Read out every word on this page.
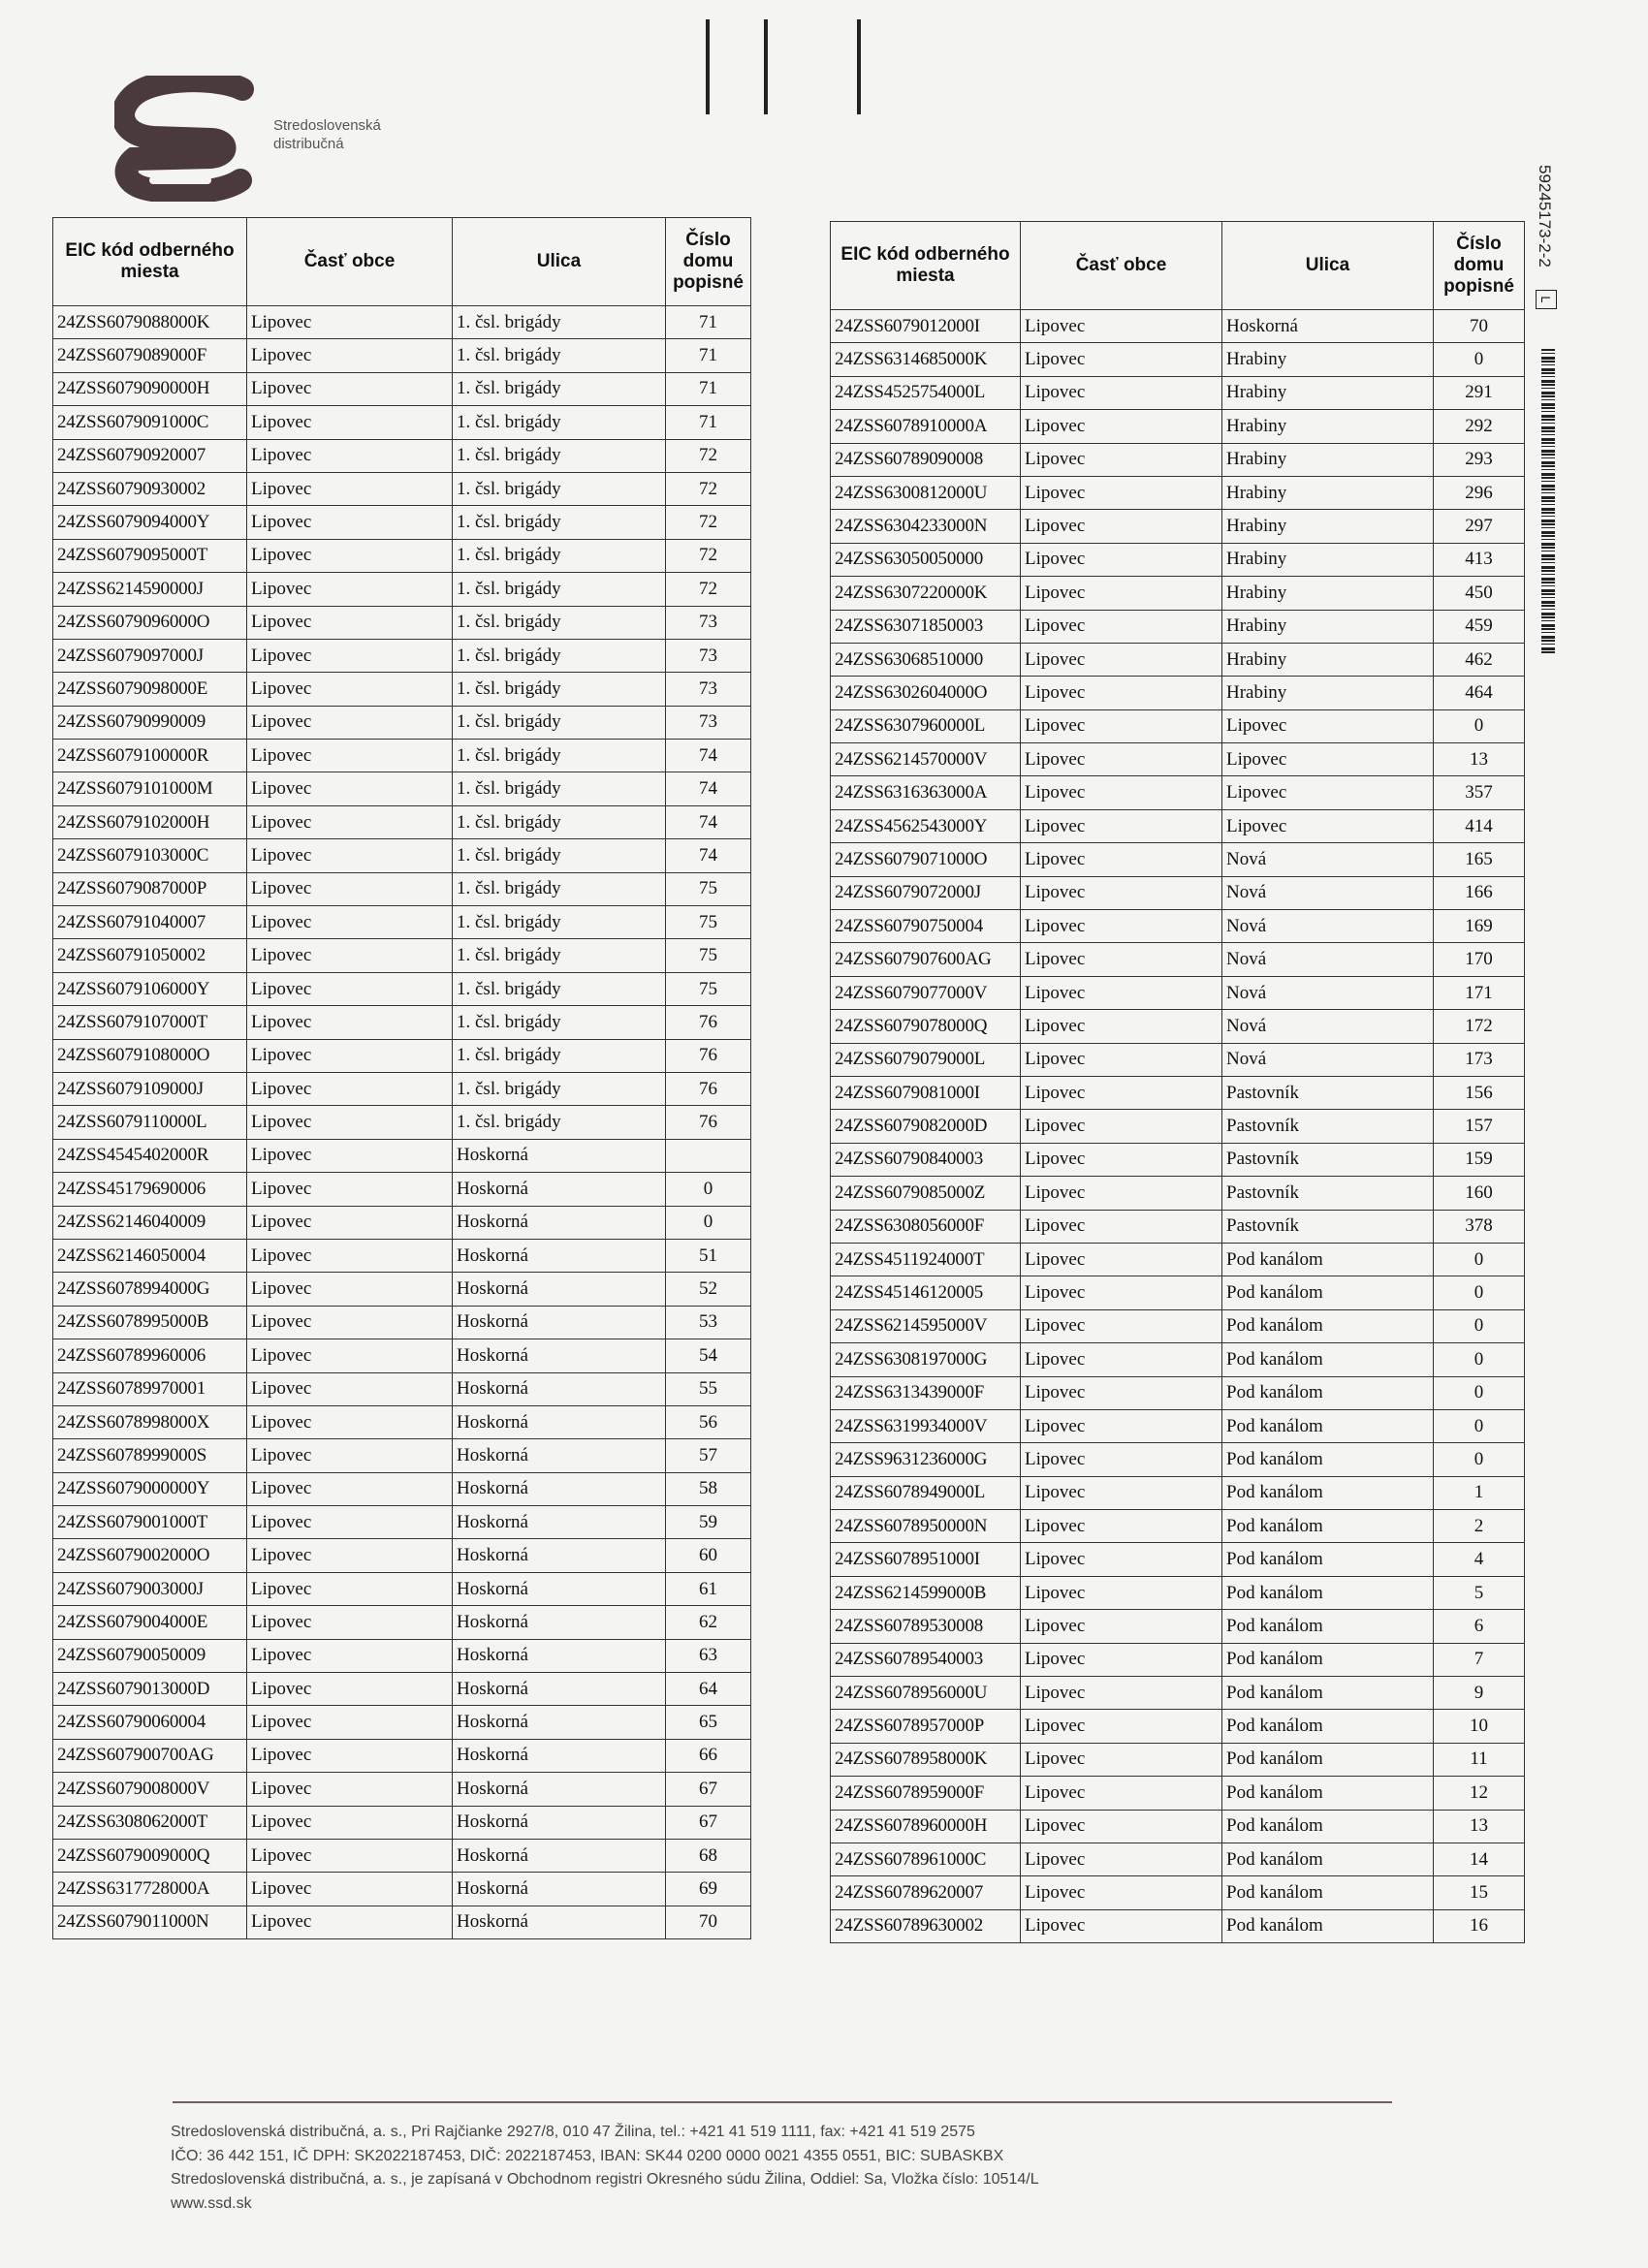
Stredoslovenská
distribučná
59245173-2-2
L
EIC kód odberného miesta	Časť obce	Ulica	Číslo domu popisné
24ZSS6079088000K	Lipovec	1. čsl. brigády	71
24ZSS6079089000F	Lipovec	1. čsl. brigády	71
24ZSS6079090000H	Lipovec	1. čsl. brigády	71
24ZSS6079091000C	Lipovec	1. čsl. brigády	71
24ZSS60790920007	Lipovec	1. čsl. brigády	72
24ZSS60790930002	Lipovec	1. čsl. brigády	72
24ZSS6079094000Y	Lipovec	1. čsl. brigády	72
24ZSS6079095000T	Lipovec	1. čsl. brigády	72
24ZSS6214590000J	Lipovec	1. čsl. brigády	72
24ZSS6079096000O	Lipovec	1. čsl. brigády	73
24ZSS6079097000J	Lipovec	1. čsl. brigády	73
24ZSS6079098000E	Lipovec	1. čsl. brigády	73
24ZSS60790990009	Lipovec	1. čsl. brigády	73
24ZSS6079100000R	Lipovec	1. čsl. brigády	74
24ZSS6079101000M	Lipovec	1. čsl. brigády	74
24ZSS6079102000H	Lipovec	1. čsl. brigády	74
24ZSS6079103000C	Lipovec	1. čsl. brigády	74
24ZSS6079087000P	Lipovec	1. čsl. brigády	75
24ZSS60791040007	Lipovec	1. čsl. brigády	75
24ZSS60791050002	Lipovec	1. čsl. brigády	75
24ZSS6079106000Y	Lipovec	1. čsl. brigády	75
24ZSS6079107000T	Lipovec	1. čsl. brigády	76
24ZSS6079108000O	Lipovec	1. čsl. brigády	76
24ZSS6079109000J	Lipovec	1. čsl. brigády	76
24ZSS6079110000L	Lipovec	1. čsl. brigády	76
24ZSS4545402000R	Lipovec	Hoskorná	
24ZSS45179690006	Lipovec	Hoskorná	0
24ZSS62146040009	Lipovec	Hoskorná	0
24ZSS62146050004	Lipovec	Hoskorná	51
24ZSS6078994000G	Lipovec	Hoskorná	52
24ZSS6078995000B	Lipovec	Hoskorná	53
24ZSS60789960006	Lipovec	Hoskorná	54
24ZSS60789970001	Lipovec	Hoskorná	55
24ZSS6078998000X	Lipovec	Hoskorná	56
24ZSS6078999000S	Lipovec	Hoskorná	57
24ZSS6079000000Y	Lipovec	Hoskorná	58
24ZSS6079001000T	Lipovec	Hoskorná	59
24ZSS6079002000O	Lipovec	Hoskorná	60
24ZSS6079003000J	Lipovec	Hoskorná	61
24ZSS6079004000E	Lipovec	Hoskorná	62
24ZSS60790050009	Lipovec	Hoskorná	63
24ZSS6079013000D	Lipovec	Hoskorná	64
24ZSS60790060004	Lipovec	Hoskorná	65
24ZSS607900700AG	Lipovec	Hoskorná	66
24ZSS6079008000V	Lipovec	Hoskorná	67
24ZSS6308062000T	Lipovec	Hoskorná	67
24ZSS6079009000Q	Lipovec	Hoskorná	68
24ZSS6317728000A	Lipovec	Hoskorná	69
24ZSS6079011000N	Lipovec	Hoskorná	70
EIC kód odberného miesta	Časť obce	Ulica	Číslo domu popisné
24ZSS6079012000I	Lipovec	Hoskorná	70
24ZSS6314685000K	Lipovec	Hrabiny	0
24ZSS4525754000L	Lipovec	Hrabiny	291
24ZSS6078910000A	Lipovec	Hrabiny	292
24ZSS60789090008	Lipovec	Hrabiny	293
24ZSS6300812000U	Lipovec	Hrabiny	296
24ZSS6304233000N	Lipovec	Hrabiny	297
24ZSS63050050000	Lipovec	Hrabiny	413
24ZSS6307220000K	Lipovec	Hrabiny	450
24ZSS63071850003	Lipovec	Hrabiny	459
24ZSS63068510000	Lipovec	Hrabiny	462
24ZSS6302604000O	Lipovec	Hrabiny	464
24ZSS6307960000L	Lipovec	Lipovec	0
24ZSS6214570000V	Lipovec	Lipovec	13
24ZSS6316363000A	Lipovec	Lipovec	357
24ZSS4562543000Y	Lipovec	Lipovec	414
24ZSS6079071000O	Lipovec	Nová	165
24ZSS6079072000J	Lipovec	Nová	166
24ZSS60790750004	Lipovec	Nová	169
24ZSS607907600AG	Lipovec	Nová	170
24ZSS6079077000V	Lipovec	Nová	171
24ZSS6079078000Q	Lipovec	Nová	172
24ZSS6079079000L	Lipovec	Nová	173
24ZSS6079081000I	Lipovec	Pastovník	156
24ZSS6079082000D	Lipovec	Pastovník	157
24ZSS60790840003	Lipovec	Pastovník	159
24ZSS6079085000Z	Lipovec	Pastovník	160
24ZSS6308056000F	Lipovec	Pastovník	378
24ZSS4511924000T	Lipovec	Pod kanálom	0
24ZSS45146120005	Lipovec	Pod kanálom	0
24ZSS6214595000V	Lipovec	Pod kanálom	0
24ZSS6308197000G	Lipovec	Pod kanálom	0
24ZSS6313439000F	Lipovec	Pod kanálom	0
24ZSS6319934000V	Lipovec	Pod kanálom	0
24ZSS9631236000G	Lipovec	Pod kanálom	0
24ZSS6078949000L	Lipovec	Pod kanálom	1
24ZSS6078950000N	Lipovec	Pod kanálom	2
24ZSS6078951000I	Lipovec	Pod kanálom	4
24ZSS6214599000B	Lipovec	Pod kanálom	5
24ZSS60789530008	Lipovec	Pod kanálom	6
24ZSS60789540003	Lipovec	Pod kanálom	7
24ZSS6078956000U	Lipovec	Pod kanálom	9
24ZSS6078957000P	Lipovec	Pod kanálom	10
24ZSS6078958000K	Lipovec	Pod kanálom	11
24ZSS6078959000F	Lipovec	Pod kanálom	12
24ZSS6078960000H	Lipovec	Pod kanálom	13
24ZSS6078961000C	Lipovec	Pod kanálom	14
24ZSS60789620007	Lipovec	Pod kanálom	15
24ZSS60789630002	Lipovec	Pod kanálom	16
Stredoslovenská distribučná, a. s., Pri Rajčianke 2927/8, 010 47 Žilina, tel.: +421 41 519 1111, fax: +421 41 519 2575
IČO: 36 442 151, IČ DPH: SK2022187453, DIČ: 2022187453, IBAN: SK44 0200 0000 0021 4355 0551, BIC: SUBASKBX
Stredoslovenská distribučná, a. s., je zapísaná v Obchodnom registri Okresného súdu Žilina, Oddiel: Sa, Vložka číslo: 10514/L
www.ssd.sk
